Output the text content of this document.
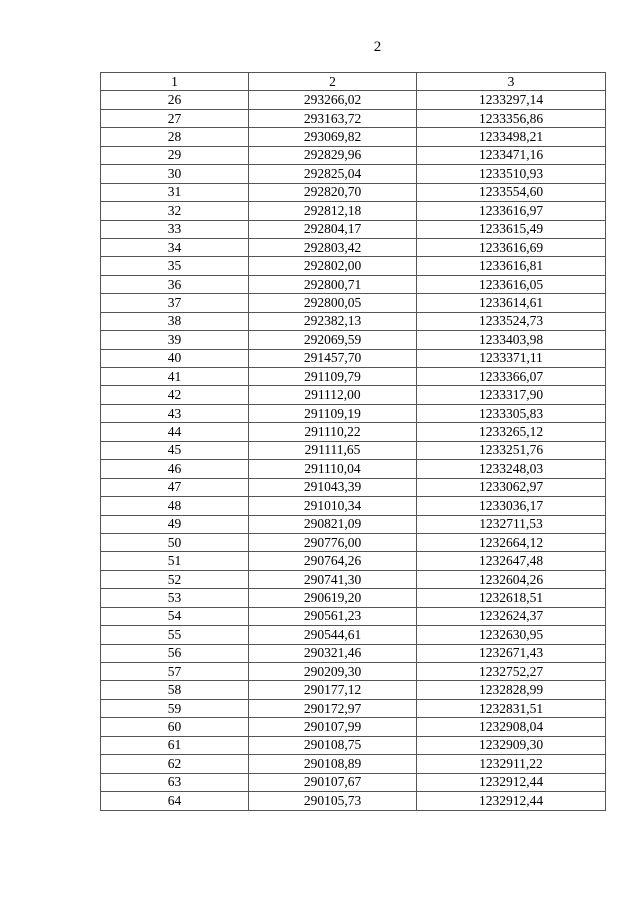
2
1	2	3
26	293266,02	1233297,14
27	293163,72	1233356,86
28	293069,82	1233498,21
29	292829,96	1233471,16
30	292825,04	1233510,93
31	292820,70	1233554,60
32	292812,18	1233616,97
33	292804,17	1233615,49
34	292803,42	1233616,69
35	292802,00	1233616,81
36	292800,71	1233616,05
37	292800,05	1233614,61
38	292382,13	1233524,73
39	292069,59	1233403,98
40	291457,70	1233371,11
41	291109,79	1233366,07
42	291112,00	1233317,90
43	291109,19	1233305,83
44	291110,22	1233265,12
45	291111,65	1233251,76
46	291110,04	1233248,03
47	291043,39	1233062,97
48	291010,34	1233036,17
49	290821,09	1232711,53
50	290776,00	1232664,12
51	290764,26	1232647,48
52	290741,30	1232604,26
53	290619,20	1232618,51
54	290561,23	1232624,37
55	290544,61	1232630,95
56	290321,46	1232671,43
57	290209,30	1232752,27
58	290177,12	1232828,99
59	290172,97	1232831,51
60	290107,99	1232908,04
61	290108,75	1232909,30
62	290108,89	1232911,22
63	290107,67	1232912,44
64	290105,73	1232912,44
